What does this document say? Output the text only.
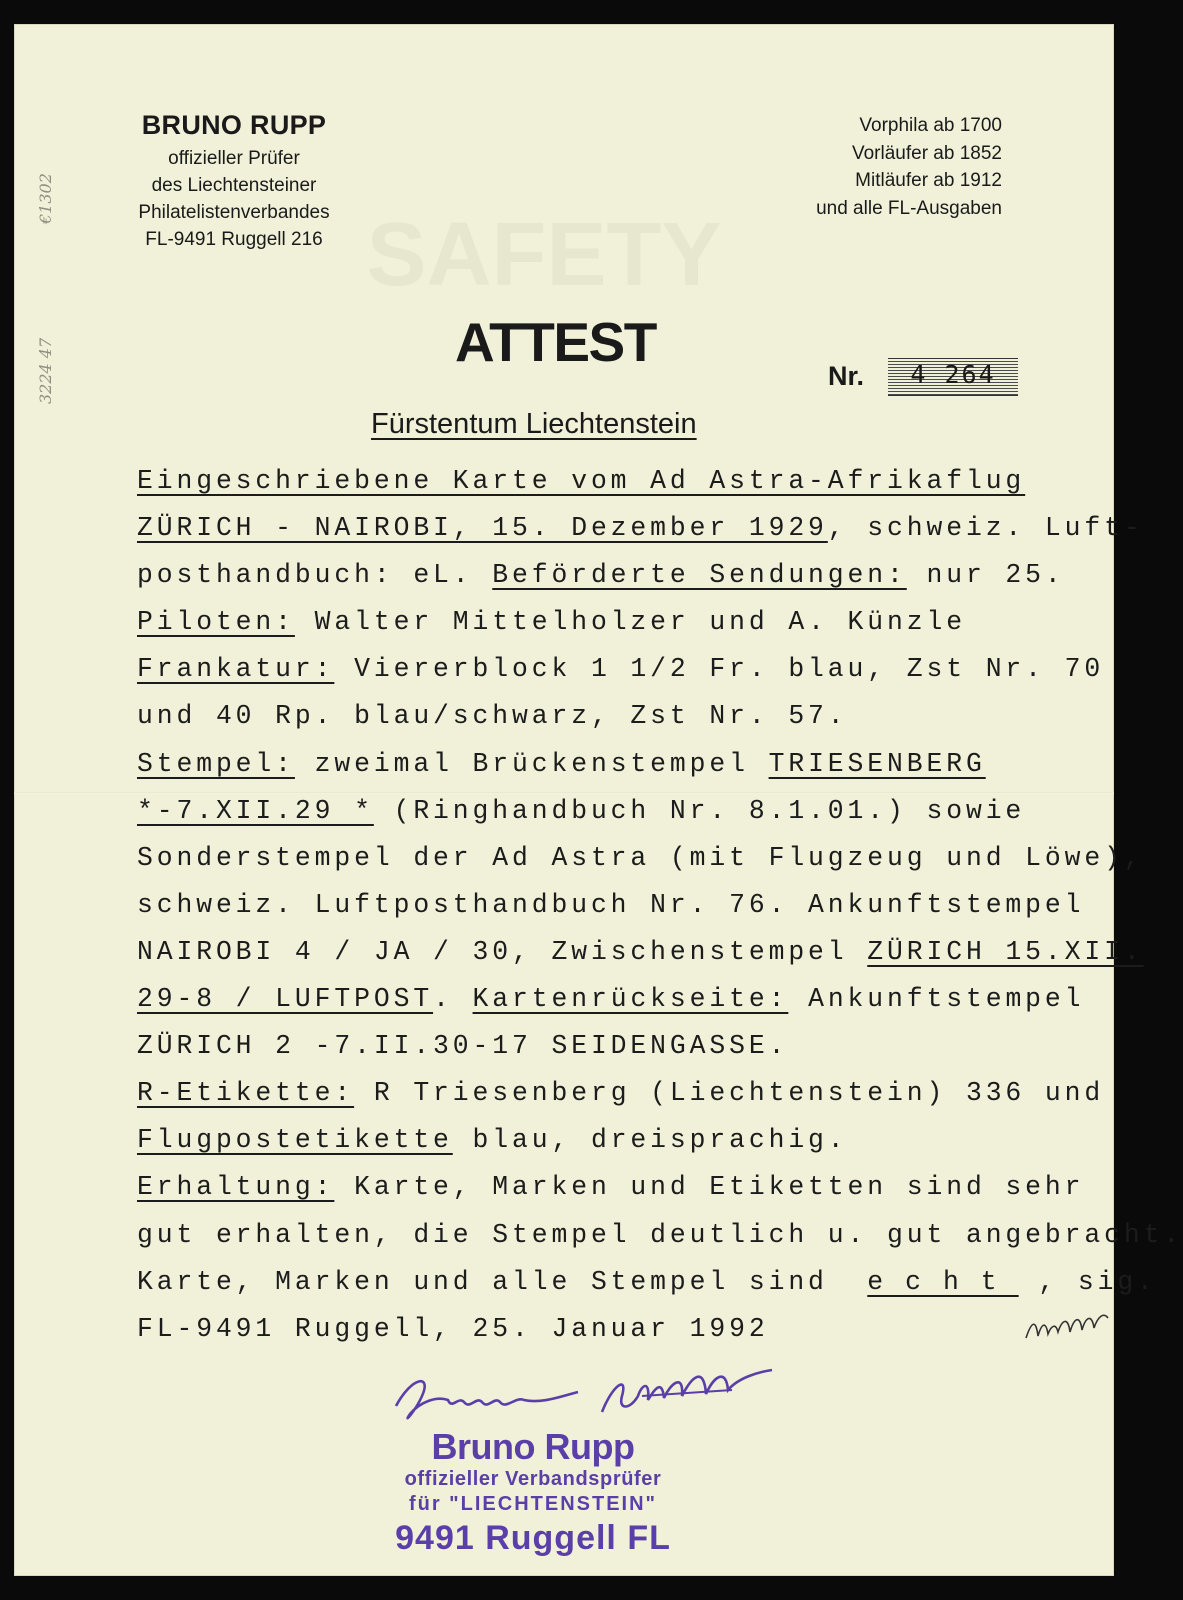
SAFETY
€1302
3224 47
BRUNO RUPP
offizieller Prüfer
des Liechtensteiner
Philatelistenverbandes
FL-9491 Ruggell 216
Vorphila ab 1700
Vorläufer ab 1852
Mitläufer ab 1912
und alle FL-Ausgaben
ATTEST
Nr.	4 264
Fürstentum Liechtenstein
Eingeschriebene Karte vom Ad Astra-Afrikaflug
ZÜRICH - NAIROBI, 15. Dezember 1929, schweiz. Luft-
posthandbuch: eL. Beförderte Sendungen: nur 25.
Piloten: Walter Mittelholzer und A. Künzle
Frankatur: Viererblock 1 1/2 Fr. blau, Zst Nr. 70
und 40 Rp. blau/schwarz, Zst Nr. 57.
Stempel: zweimal Brückenstempel TRIESENBERG
*-7.XII.29 * (Ringhandbuch Nr. 8.1.01.) sowie
Sonderstempel der Ad Astra (mit Flugzeug und Löwe),
schweiz. Luftposthandbuch Nr. 76. Ankunftstempel
NAIROBI 4 / JA / 30, Zwischenstempel ZÜRICH 15.XII.
29-8 / LUFTPOST. Kartenrückseite: Ankunftstempel
ZÜRICH 2 -7.II.30-17 SEIDENGASSE.
R-Etikette: R Triesenberg (Liechtenstein) 336 und
Flugpostetikette blau, dreisprachig.
Erhaltung: Karte, Marken und Etiketten sind sehr
gut erhalten, die Stempel deutlich u. gut angebracht.
Karte, Marken und alle Stempel sind  echt , sig.
FL-9491 Ruggell, 25. Januar 1992
Bruno Rupp
offizieller Verbandsprüfer
für "LIECHTENSTEIN"
9491 Ruggell FL
